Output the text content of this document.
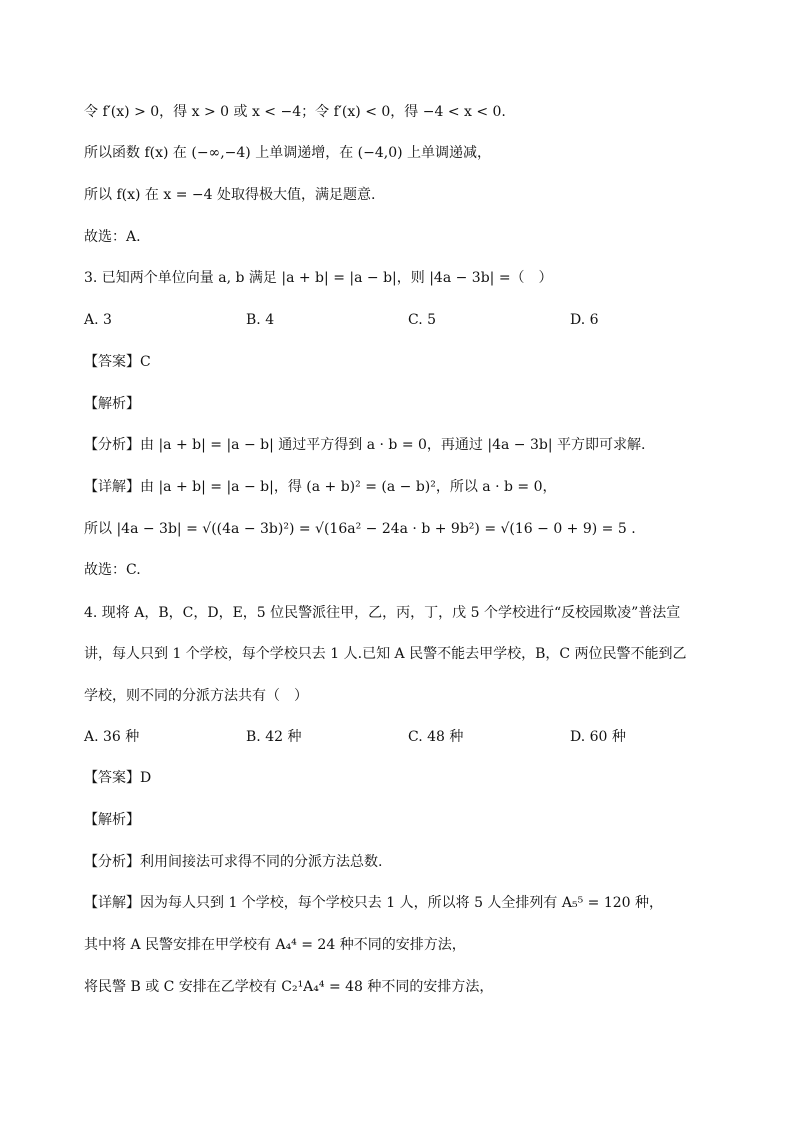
令 f′(x) > 0，得 x > 0 或 x < −4；令 f′(x) < 0，得 −4 < x < 0.
所以函数 f(x) 在 (−∞,−4) 上单调递增，在 (−4,0) 上单调递减，
所以 f(x) 在 x = −4 处取得极大值，满足题意.
故选：A.
3. 已知两个单位向量 a, b 满足 |a + b| = |a − b|，则 |4a − 3b| =（　）
A. 3	B. 4	C. 5	D. 6
【答案】C
【解析】
【分析】由 |a + b| = |a − b| 通过平方得到 a · b = 0，再通过 |4a − 3b| 平方即可求解.
【详解】由 |a + b| = |a − b|，得 (a + b)² = (a − b)²，所以 a · b = 0，
所以 |4a − 3b| = √((4a − 3b)²) = √(16a² − 24a · b + 9b²) = √(16 − 0 + 9) = 5 .
故选：C.
4. 现将 A，B，C，D，E，5 位民警派往甲，乙，丙，丁，戊 5 个学校进行“反校园欺凌”普法宣
讲，每人只到 1 个学校，每个学校只去 1 人.已知 A 民警不能去甲学校，B，C 两位民警不能到乙
学校，则不同的分派方法共有（　）
A. 36 种	B. 42 种	C. 48 种	D. 60 种
【答案】D
【解析】
【分析】利用间接法可求得不同的分派方法总数.
【详解】因为每人只到 1 个学校，每个学校只去 1 人，所以将 5 人全排列有 A₅⁵ = 120 种，
其中将 A 民警安排在甲学校有 A₄⁴ = 24 种不同的安排方法，
将民警 B 或 C 安排在乙学校有 C₂¹A₄⁴ = 48 种不同的安排方法，
